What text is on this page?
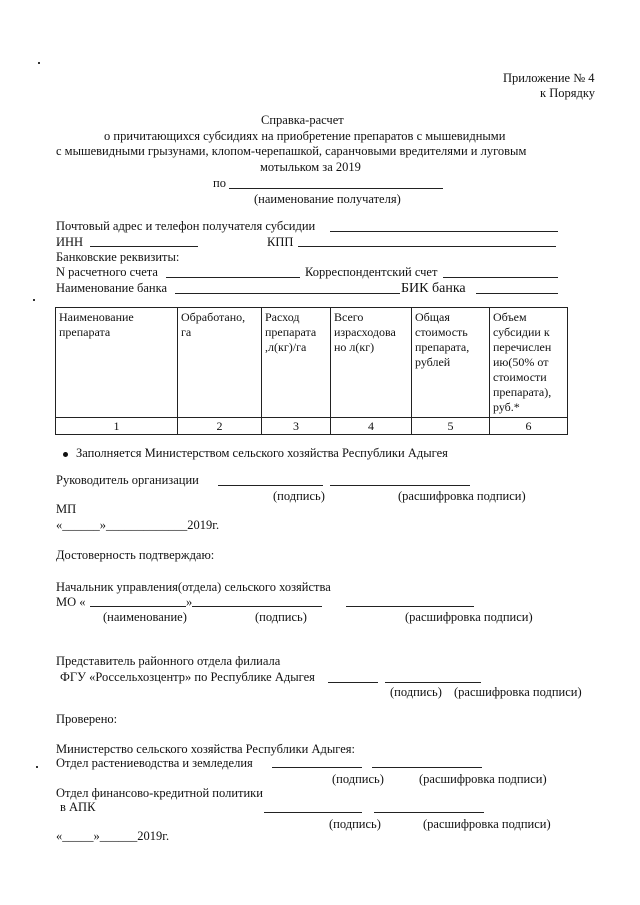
Приложение № 4
к Порядку
Справка-расчет
о причитающихся субсидиях на приобретение препаратов с мышевидными
с мышевидными грызунами, клопом-черепашкой, саранчовыми вредителями и луговым
мотыльком за 2019
по
(наименование получателя)
Почтовый адрес и телефон получателя субсидии
ИНН	КПП
Банковские реквизиты:
N расчетного счета	Корреспондентский счет
Наименование банка	БИК банка
Наименование препарата	Обработано, га	Расход препарата ,л(кг)/га	Всего израсходова но л(кг)	Общая стоимость препарата, рублей	Объем субсидии к перечислен ию(50% от стоимости препарата), руб.*
1	2	3	4	5	6
Заполняется Министерством сельского хозяйства Республики Адыгея
Руководитель организации
(подпись)	(расшифровка подписи)
МП
«______»_____________2019г.
Достоверность подтверждаю:
Начальник управления(отдела) сельского хозяйства
МО «	»
(наименование)	(подпись)	(расшифровка подписи)
Представитель районного отдела филиала
ФГУ «Россельхозцентр» по Республике Адыгея
(подпись) (расшифровка подписи)
Проверено:
Министерство сельского хозяйства Республики Адыгея:
Отдел растениеводства и земледелия
(подпись)	(расшифровка подписи)
Отдел финансово-кредитной политики
в АПК
(подпись)	(расшифровка подписи)
«_____»______2019г.
